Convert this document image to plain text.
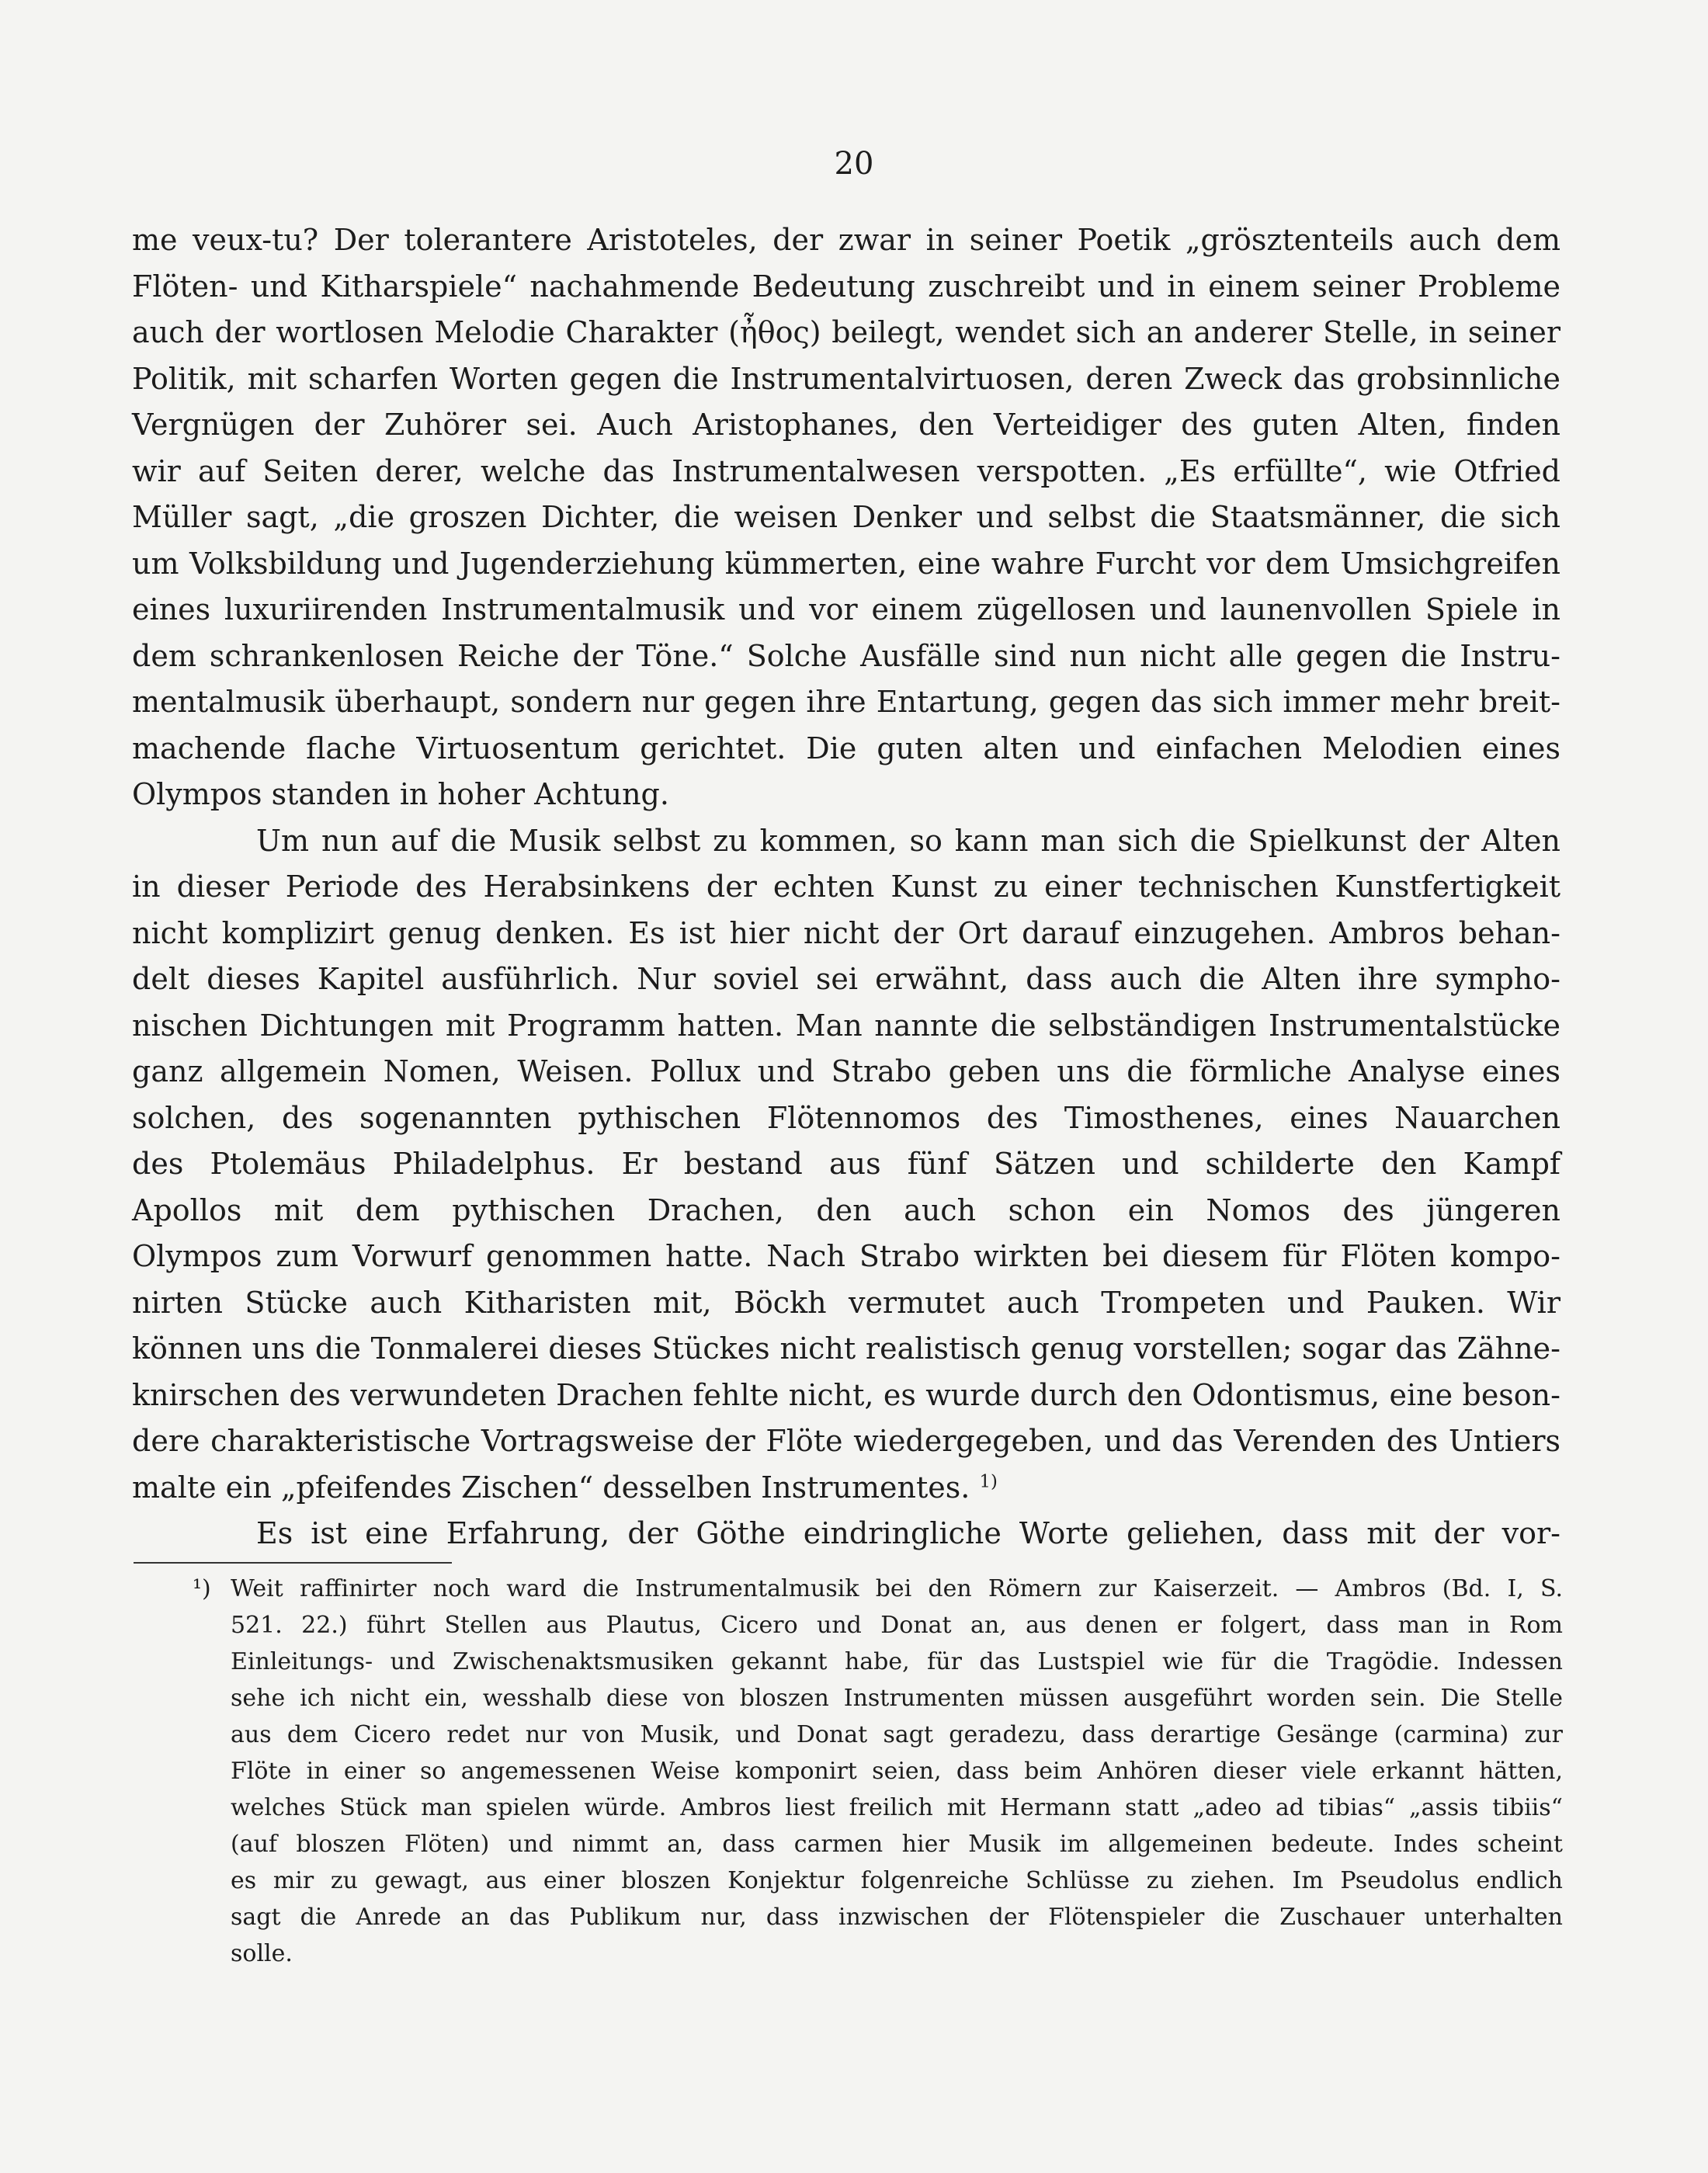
20
me veux-tu? Der tolerantere Aristoteles, der zwar in seiner Poetik „grösztenteils auch dem
Flöten- und Kitharspiele“ nachahmende Bedeutung zuschreibt und in einem seiner Probleme
auch der wortlosen Melodie Charakter (ἦθος) beilegt, wendet sich an anderer Stelle, in seiner
Politik, mit scharfen Worten gegen die Instrumentalvirtuosen, deren Zweck das grobsinnliche
Vergnügen der Zuhörer sei. Auch Aristophanes, den Verteidiger des guten Alten, finden
wir auf Seiten derer, welche das Instrumentalwesen verspotten. „Es erfüllte“, wie Otfried
Müller sagt, „die groszen Dichter, die weisen Denker und selbst die Staatsmänner, die sich
um Volksbildung und Jugenderziehung kümmerten, eine wahre Furcht vor dem Umsichgreifen
eines luxuriirenden Instrumentalmusik und vor einem zügellosen und launenvollen Spiele in
dem schrankenlosen Reiche der Töne.“ Solche Ausfälle sind nun nicht alle gegen die Instru-
mentalmusik überhaupt, sondern nur gegen ihre Entartung, gegen das sich immer mehr breit-
machende flache Virtuosentum gerichtet. Die guten alten und einfachen Melodien eines
Olympos standen in hoher Achtung.
Um nun auf die Musik selbst zu kommen, so kann man sich die Spielkunst der Alten
in dieser Periode des Herabsinkens der echten Kunst zu einer technischen Kunstfertigkeit
nicht komplizirt genug denken. Es ist hier nicht der Ort darauf einzugehen. Ambros behan-
delt dieses Kapitel ausführlich. Nur soviel sei erwähnt, dass auch die Alten ihre sympho-
nischen Dichtungen mit Programm hatten. Man nannte die selbständigen Instrumentalstücke
ganz allgemein Nomen, Weisen. Pollux und Strabo geben uns die förmliche Analyse eines
solchen, des sogenannten pythischen Flötennomos des Timosthenes, eines Nauarchen
des Ptolemäus Philadelphus. Er bestand aus fünf Sätzen und schilderte den Kampf
Apollos mit dem pythischen Drachen, den auch schon ein Nomos des jüngeren
Olympos zum Vorwurf genommen hatte. Nach Strabo wirkten bei diesem für Flöten kompo-
nirten Stücke auch Kitharisten mit, Böckh vermutet auch Trompeten und Pauken. Wir
können uns die Tonmalerei dieses Stückes nicht realistisch genug vorstellen; sogar das Zähne-
knirschen des verwundeten Drachen fehlte nicht, es wurde durch den Odontismus, eine beson-
dere charakteristische Vortragsweise der Flöte wiedergegeben, und das Verenden des Untiers
malte ein „pfeifendes Zischen“ desselben Instrumentes. $^{1)}$
Es ist eine Erfahrung, der Göthe eindringliche Worte geliehen, dass mit der vor-
¹) Weit raffinirter noch ward die Instrumentalmusik bei den Römern zur Kaiserzeit. — Ambros (Bd. I, S.
521. 22.) führt Stellen aus Plautus, Cicero und Donat an, aus denen er folgert, dass man in Rom
Einleitungs- und Zwischenaktsmusiken gekannt habe, für das Lustspiel wie für die Tragödie. Indessen
sehe ich nicht ein, wesshalb diese von bloszen Instrumenten müssen ausgeführt worden sein. Die Stelle
aus dem Cicero redet nur von Musik, und Donat sagt geradezu, dass derartige Gesänge (carmina) zur
Flöte in einer so angemessenen Weise komponirt seien, dass beim Anhören dieser viele erkannt hätten,
welches Stück man spielen würde. Ambros liest freilich mit Hermann statt „adeo ad tibias“ „assis tibiis“
(auf bloszen Flöten) und nimmt an, dass carmen hier Musik im allgemeinen bedeute. Indes scheint
es mir zu gewagt, aus einer bloszen Konjektur folgenreiche Schlüsse zu ziehen. Im Pseudolus endlich
sagt die Anrede an das Publikum nur, dass inzwischen der Flötenspieler die Zuschauer unterhalten
solle.
